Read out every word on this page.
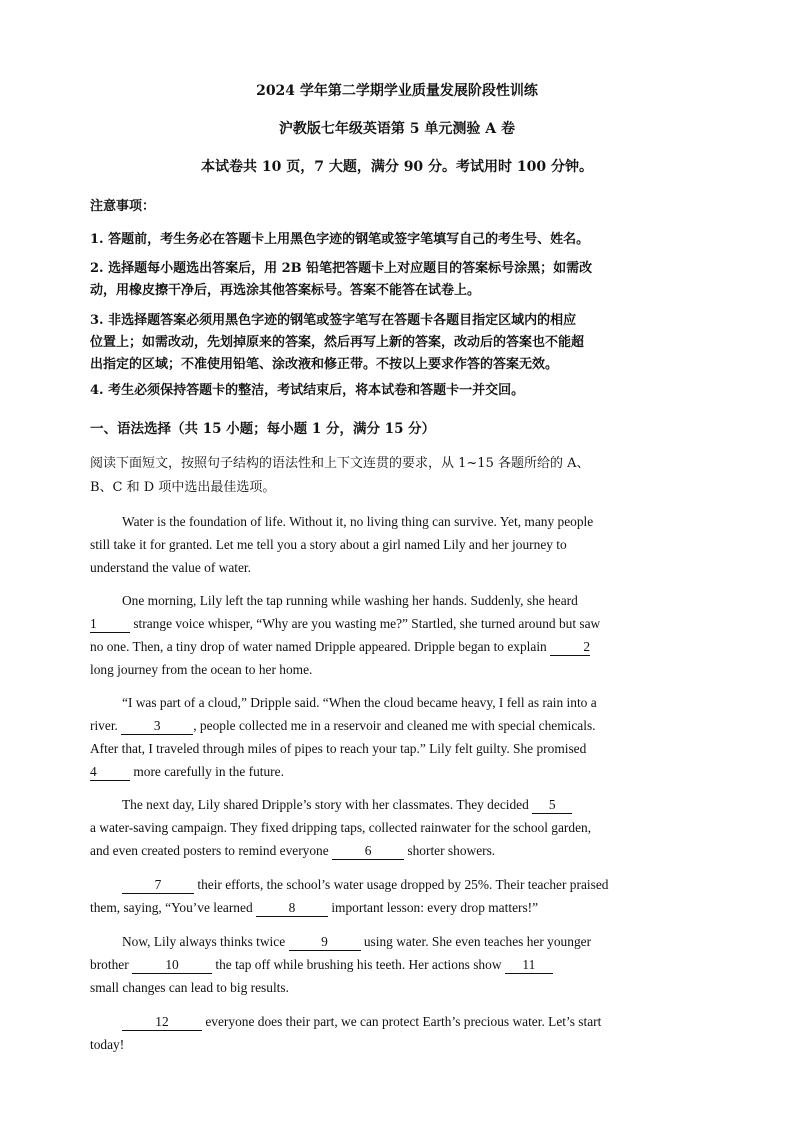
2024 学年第二学期学业质量发展阶段性训练
沪教版七年级英语第 5 单元测验 A 卷
本试卷共 10 页，7 大题，满分 90 分。考试用时 100 分钟。
注意事项：
1. 答题前，考生务必在答题卡上用黑色字迹的钢笔或签字笔填写自己的考生号、姓名。
2. 选择题每小题选出答案后，用 2B 铅笔把答题卡上对应题目的答案标号涂黑；如需改
动，用橡皮擦干净后，再选涂其他答案标号。答案不能答在试卷上。
3. 非选择题答案必须用黑色字迹的钢笔或签字笔写在答题卡各题目指定区域内的相应
位置上；如需改动，先划掉原来的答案，然后再写上新的答案，改动后的答案也不能超
出指定的区域；不准使用铅笔、涂改液和修正带。不按以上要求作答的答案无效。
4. 考生必须保持答题卡的整洁，考试结束后，将本试卷和答题卡一并交回。
一、语法选择（共 15 小题；每小题 1 分，满分 15 分）
阅读下面短文，按照句子结构的语法性和上下文连贯的要求，从 1~15 各题所给的 A、
B、C 和 D 项中选出最佳选项。
Water is the foundation of life. Without it, no living thing can survive. Yet, many people
still take it for granted. Let me tell you a story about a girl named Lily and her journey to
understand the value of water.
One morning, Lily left the tap running while washing her hands. Suddenly, she heard
1 strange voice whisper, “Why are you wasting me?” Startled, she turned around but saw
no one. Then, a tiny drop of water named Dripple appeared. Dripple began to explain 2
long journey from the ocean to her home.
“I was part of a cloud,” Dripple said. “When the cloud became heavy, I fell as rain into a
river. 3 , people collected me in a reservoir and cleaned me with special chemicals.
After that, I traveled through miles of pipes to reach your tap.” Lily felt guilty. She promised
4 more carefully in the future.
The next day, Lily shared Dripple’s story with her classmates. They decided 5
a water-saving campaign. They fixed dripping taps, collected rainwater for the school garden,
and even created posters to remind everyone 6 shorter showers.
7 their efforts, the school’s water usage dropped by 25%. Their teacher praised
them, saying, “You’ve learned 8 important lesson: every drop matters!”
Now, Lily always thinks twice 9 using water. She even teaches her younger
brother 10 the tap off while brushing his teeth. Her actions show 11
small changes can lead to big results.
12 everyone does their part, we can protect Earth’s precious water. Let’s start
today!
